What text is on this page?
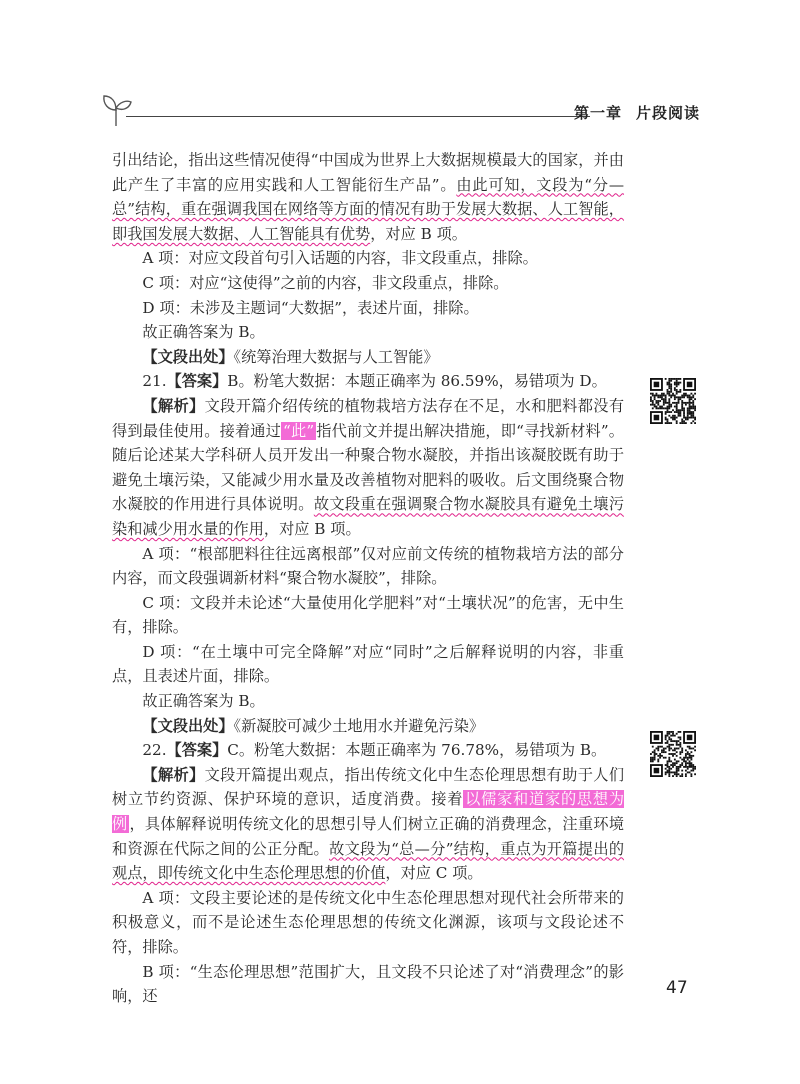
第一章 片段阅读

引出结论，指出这些情况使得“中国成为世界上大数据规模最大的国家，并由此产生了丰富的应用实践和人工智能衍生产品”。由此可知，文段为“分—总”结构，重在强调我国在网络等方面的情况有助于发展大数据、人工智能，即我国发展大数据、人工智能具有优势，对应 B 项。

A 项：对应文段首句引入话题的内容，非文段重点，排除。

C 项：对应“这使得”之前的内容，非文段重点，排除。

D 项：未涉及主题词“大数据”，表述片面，排除。

故正确答案为 B。

【文段出处】《统筹治理大数据与人工智能》

21.【答案】B。粉笔大数据：本题正确率为 86.59%，易错项为 D。

【解析】文段开篇介绍传统的植物栽培方法存在不足，水和肥料都没有得到最佳使用。接着通过 “此” 指代前文并提出解决措施，即“寻找新材料”。随后论述某大学科研人员开发出一种聚合物水凝胶，并指出该凝胶既有助于避免土壤污染，又能减少用水量及改善植物对肥料的吸收。后文围绕聚合物水凝胶的作用进行具体说明。故文段重在强调聚合物水凝胶具有避免土壤污染和减少用水量的作用，对应 B 项。

A 项：“根部肥料往往远离根部”仅对应前文传统的植物栽培方法的部分内容，而文段强调新材料“聚合物水凝胶”，排除。

C 项：文段并未论述“大量使用化学肥料”对“土壤状况”的危害，无中生有，排除。

D 项：“在土壤中可完全降解”对应“同时”之后解释说明的内容，非重点，且表述片面，排除。

故正确答案为 B。

【文段出处】《新凝胶可减少土地用水并避免污染》

22.【答案】C。粉笔大数据：本题正确率为 76.78%，易错项为 B。

【解析】文段开篇提出观点，指出传统文化中生态伦理思想有助于人们树立节约资源、保护环境的意识，适度消费。接着 以儒家和道家的思想为例 ，具体解释说明传统文化的思想引导人们树立正确的消费理念，注重环境和资源在代际之间的公正分配。故文段为“总—分”结构，重点为开篇提出的观点，即传统文化中生态伦理思想的价值，对应 C 项。

A 项：文段主要论述的是传统文化中生态伦理思想对现代社会所带来的积极意义，而不是论述生态伦理思想的传统文化渊源，该项与文段论述不符，排除。

B 项：“生态伦理思想”范围扩大，且文段不只论述了对“消费理念”的影响，还	47
